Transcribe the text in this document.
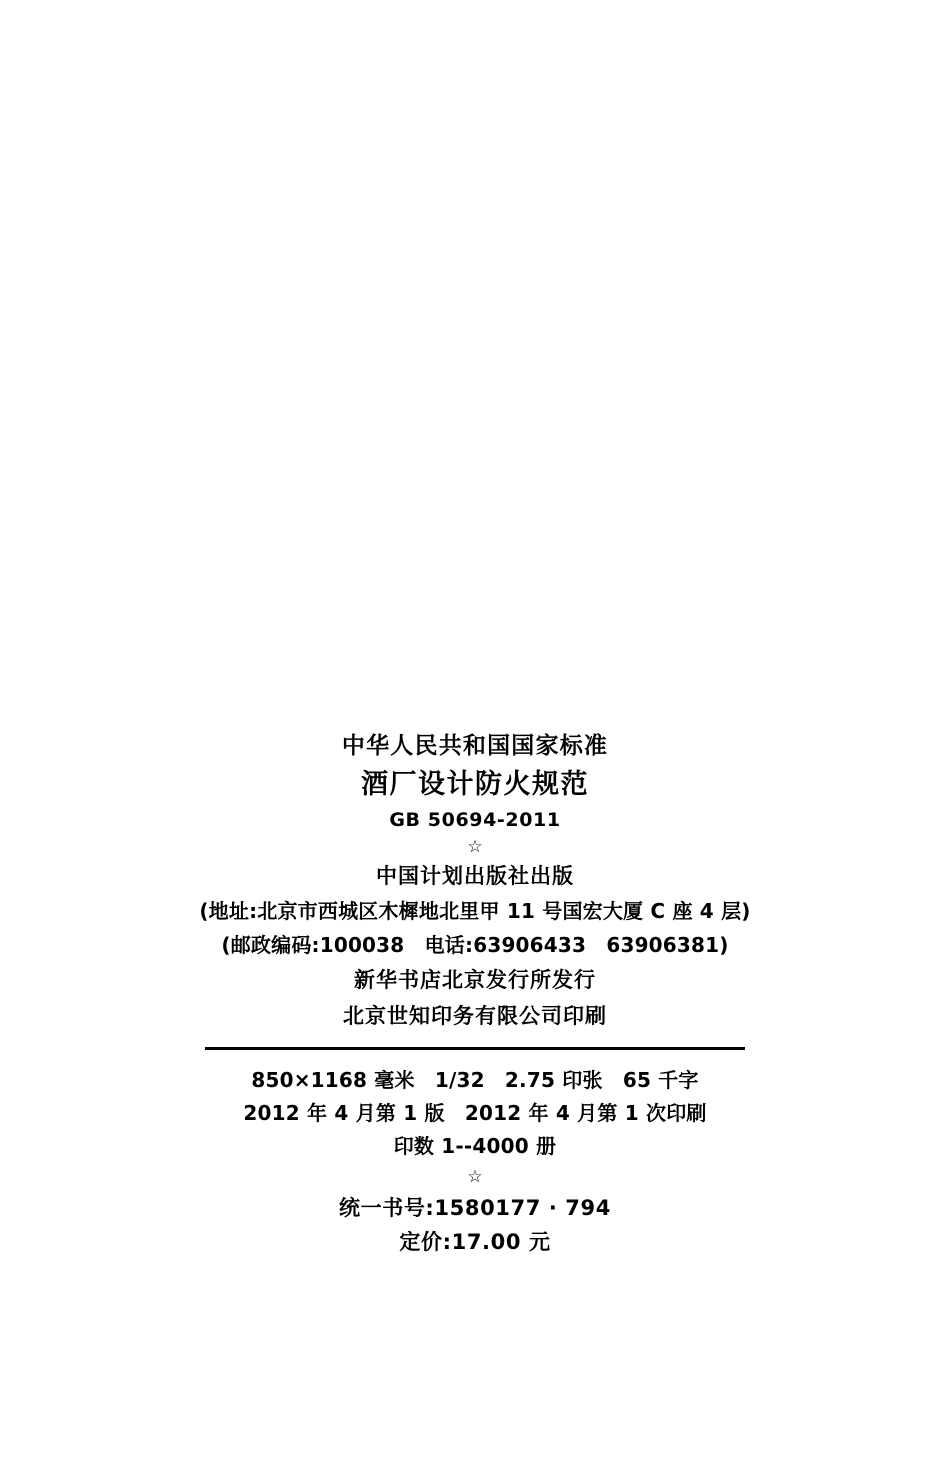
中华人民共和国国家标准
酒厂设计防火规范
GB 50694-2011
☆
中国计划出版社出版
(地址:北京市西城区木樨地北里甲 11 号国宏大厦 C 座 4 层)
(邮政编码:100038　电话:63906433　63906381)
新华书店北京发行所发行
北京世知印务有限公司印刷
850×1168 毫米　1/32　2.75 印张　65 千字
2012 年 4 月第 1 版　2012 年 4 月第 1 次印刷
印数 1--4000 册
☆
统一书号:1580177 · 794
定价:17.00 元
